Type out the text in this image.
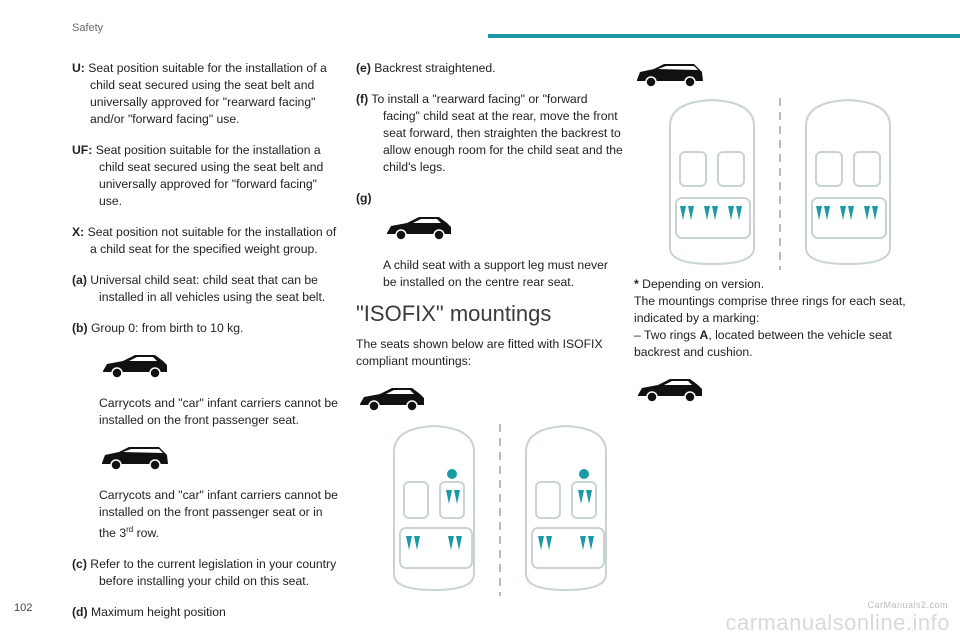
Safety
U: Seat position suitable for the installation of a child seat secured using the seat belt and universally approved for "rearward facing" and/or "forward facing" use.
UF: Seat position suitable for the installation a child seat secured using the seat belt and universally approved for "forward facing" use.
X: Seat position not suitable for the installation of a child seat for the specified weight group.
(a) Universal child seat: child seat that can be installed in all vehicles using the seat belt.
(b) Group 0: from birth to 10 kg.
Carrycots and "car" infant carriers cannot be installed on the front passenger seat.
Carrycots and "car" infant carriers cannot be installed on the front passenger seat or in the 3rd row.
(c) Refer to the current legislation in your country before installing your child on this seat.
(d) Maximum height position
(e) Backrest straightened.
(f) To install a "rearward facing" or "forward facing" child seat at the rear, move the front seat forward, then straighten the backrest to allow enough room for the child seat and the child's legs.
(g)
A child seat with a support leg must never be installed on the centre rear seat.
"ISOFIX" mountings

The seats shown below are fitted with ISOFIX compliant mountings:

* Depending on version.

The mountings comprise three rings for each seat, indicated by a marking:

– Two rings A, located between the vehicle seat backrest and cushion.

102	CarManuals2.com
carmanualsonline.info
